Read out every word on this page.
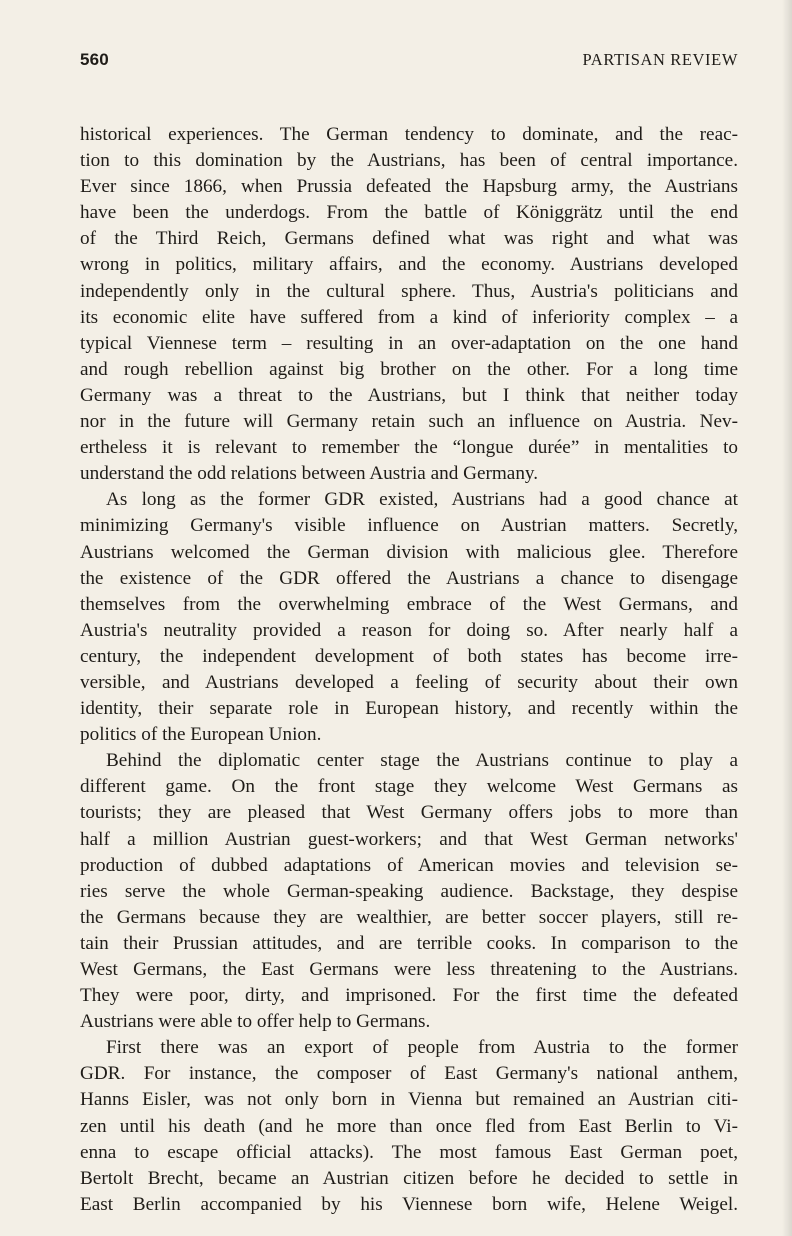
560	PARTISAN REVIEW
historical experiences. The German tendency to dominate, and the reac-
tion to this domination by the Austrians, has been of central importance.
Ever since 1866, when Prussia defeated the Hapsburg army, the Austrians
have been the underdogs. From the battle of Königgrätz until the end
of the Third Reich, Germans defined what was right and what was
wrong in politics, military affairs, and the economy. Austrians developed
independently only in the cultural sphere. Thus, Austria's politicians and
its economic elite have suffered from a kind of inferiority complex – a
typical Viennese term – resulting in an over-adaptation on the one hand
and rough rebellion against big brother on the other. For a long time
Germany was a threat to the Austrians, but I think that neither today
nor in the future will Germany retain such an influence on Austria. Nev-
ertheless it is relevant to remember the “longue durée” in mentalities to
understand the odd relations between Austria and Germany.
As long as the former GDR existed, Austrians had a good chance at
minimizing Germany's visible influence on Austrian matters. Secretly,
Austrians welcomed the German division with malicious glee. Therefore
the existence of the GDR offered the Austrians a chance to disengage
themselves from the overwhelming embrace of the West Germans, and
Austria's neutrality provided a reason for doing so. After nearly half a
century, the independent development of both states has become irre-
versible, and Austrians developed a feeling of security about their own
identity, their separate role in European history, and recently within the
politics of the European Union.
Behind the diplomatic center stage the Austrians continue to play a
different game. On the front stage they welcome West Germans as
tourists; they are pleased that West Germany offers jobs to more than
half a million Austrian guest-workers; and that West German networks'
production of dubbed adaptations of American movies and television se-
ries serve the whole German-speaking audience. Backstage, they despise
the Germans because they are wealthier, are better soccer players, still re-
tain their Prussian attitudes, and are terrible cooks. In comparison to the
West Germans, the East Germans were less threatening to the Austrians.
They were poor, dirty, and imprisoned. For the first time the defeated
Austrians were able to offer help to Germans.
First there was an export of people from Austria to the former
GDR. For instance, the composer of East Germany's national anthem,
Hanns Eisler, was not only born in Vienna but remained an Austrian citi-
zen until his death (and he more than once fled from East Berlin to Vi-
enna to escape official attacks). The most famous East German poet,
Bertolt Brecht, became an Austrian citizen before he decided to settle in
East Berlin accompanied by his Viennese born wife, Helene Weigel.
